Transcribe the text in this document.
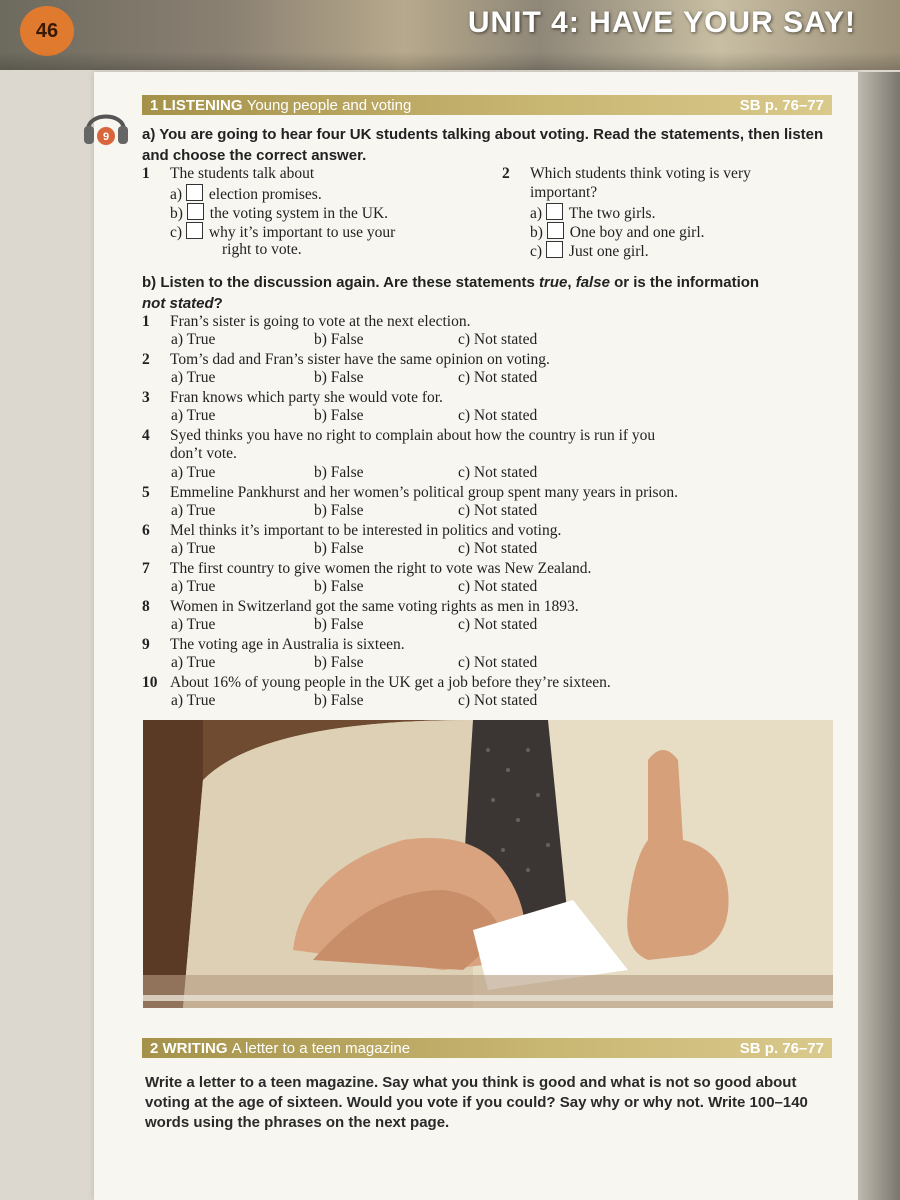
46	UNIT 4: HAVE YOUR SAY!
1 LISTENING Young people and voting	SB p. 76–77
9 a) You are going to hear four UK students talking about voting. Read the statements, then listen and choose the correct answer.
1 The students talk about
a) election promises.
b) the voting system in the UK.
c) why it’s important to use your
right to vote.
2 Which students think voting is very
important?
a) The two girls.
b) One boy and one girl.
c) Just one girl.
b) Listen to the discussion again. Are these statements true, false or is the information
not stated?
1 Fran’s sister is going to vote at the next election.
a) True	b) False	c) Not stated
2 Tom’s dad and Fran’s sister have the same opinion on voting.
a) True	b) False	c) Not stated
3 Fran knows which party she would vote for.
a) True	b) False	c) Not stated
4 Syed thinks you have no right to complain about how the country is run if you
don’t vote.
a) True	b) False	c) Not stated
5 Emmeline Pankhurst and her women’s political group spent many years in prison.
a) True	b) False	c) Not stated
6 Mel thinks it’s important to be interested in politics and voting.
a) True	b) False	c) Not stated
7 The first country to give women the right to vote was New Zealand.
a) True	b) False	c) Not stated
8 Women in Switzerland got the same voting rights as men in 1893.
a) True	b) False	c) Not stated
9 The voting age in Australia is sixteen.
a) True	b) False	c) Not stated
10 About 16% of young people in the UK get a job before they’re sixteen.
a) True	b) False	c) Not stated
2 WRITING A letter to a teen magazine	SB p. 76–77
Write a letter to a teen magazine. Say what you think is good and what is not so good about voting at the age of sixteen. Would you vote if you could? Say why or why not. Write 100–140 words using the phrases on the next page.
